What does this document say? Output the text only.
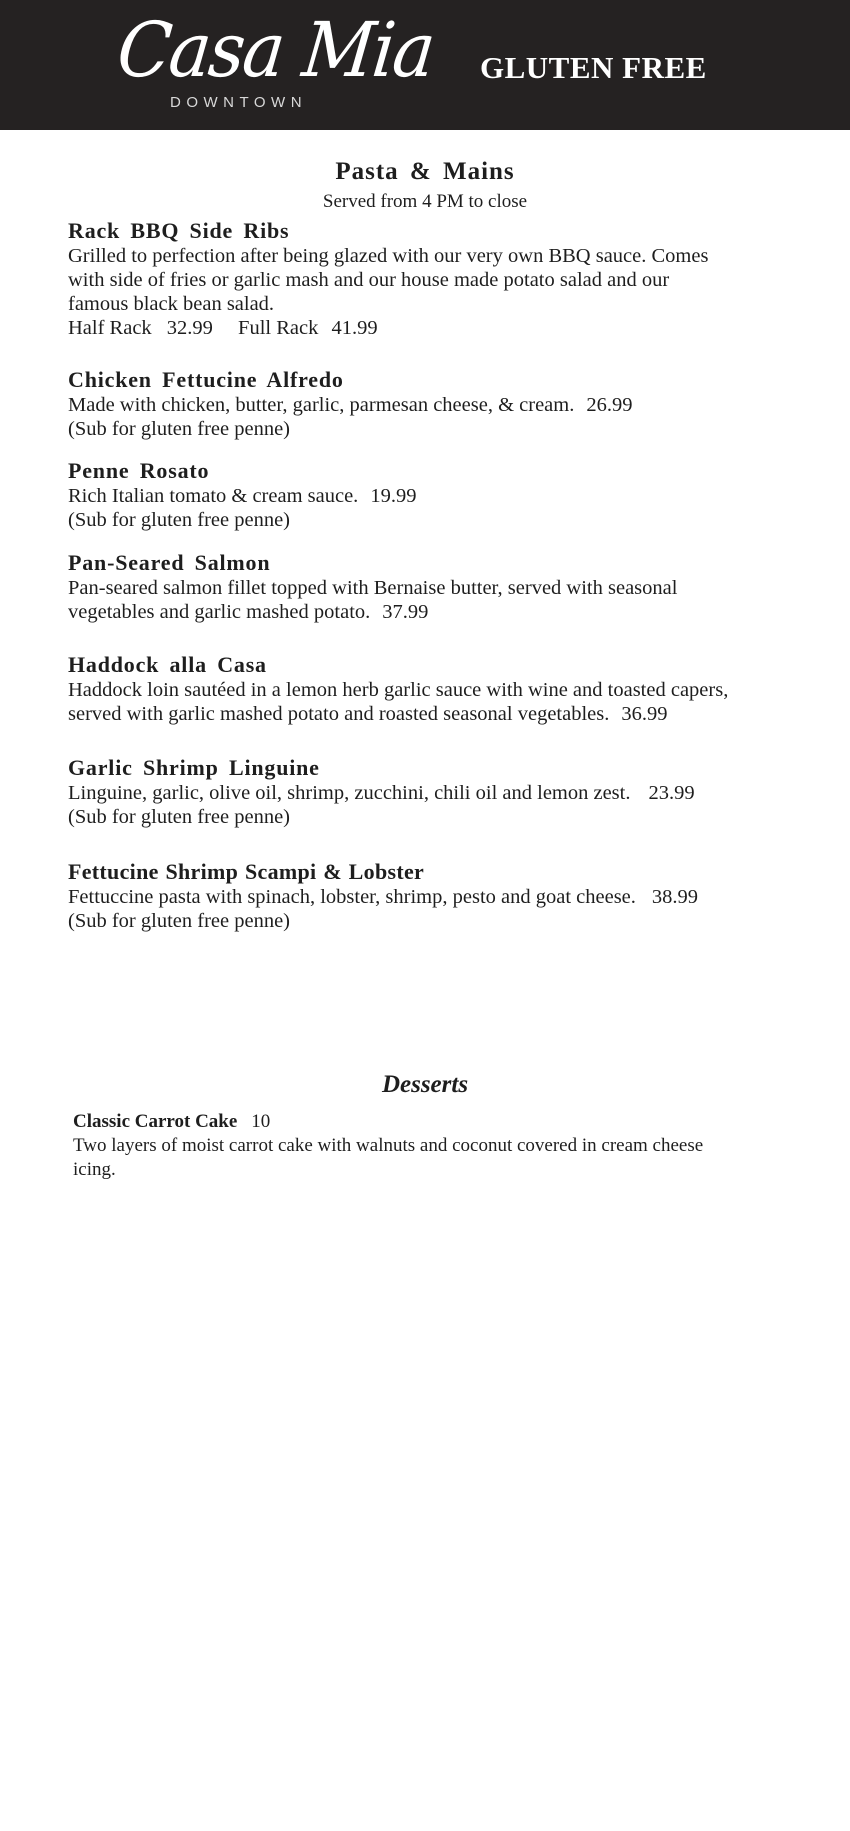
Casa Mia
DOWNTOWN
GLUTEN FREE
Pasta & Mains
Served from 4 PM to close
Rack BBQ Side Ribs
Grilled to perfection after being glazed with our very own BBQ sauce. Comes
with side of fries or garlic mash and our house made potato salad and our
famous black bean salad.
Half Rack 32.99 Full Rack 41.99
Chicken Fettucine Alfredo
Made with chicken, butter, garlic, parmesan cheese, & cream. 26.99
(Sub for gluten free penne)
Penne Rosato
Rich Italian tomato & cream sauce. 19.99
(Sub for gluten free penne)
Pan-Seared Salmon
Pan-seared salmon fillet topped with Bernaise butter, served with seasonal
vegetables and garlic mashed potato. 37.99
Haddock alla Casa
Haddock loin sautéed in a lemon herb garlic sauce with wine and toasted capers,
served with garlic mashed potato and roasted seasonal vegetables. 36.99
Garlic Shrimp Linguine
Linguine, garlic, olive oil, shrimp, zucchini, chili oil and lemon zest. 23.99
(Sub for gluten free penne)
Fettucine Shrimp Scampi & Lobster
Fettuccine pasta with spinach, lobster, shrimp, pesto and goat cheese. 38.99
(Sub for gluten free penne)
Desserts
Classic Carrot Cake 10
Two layers of moist carrot cake with walnuts and coconut covered in cream cheese
icing.
